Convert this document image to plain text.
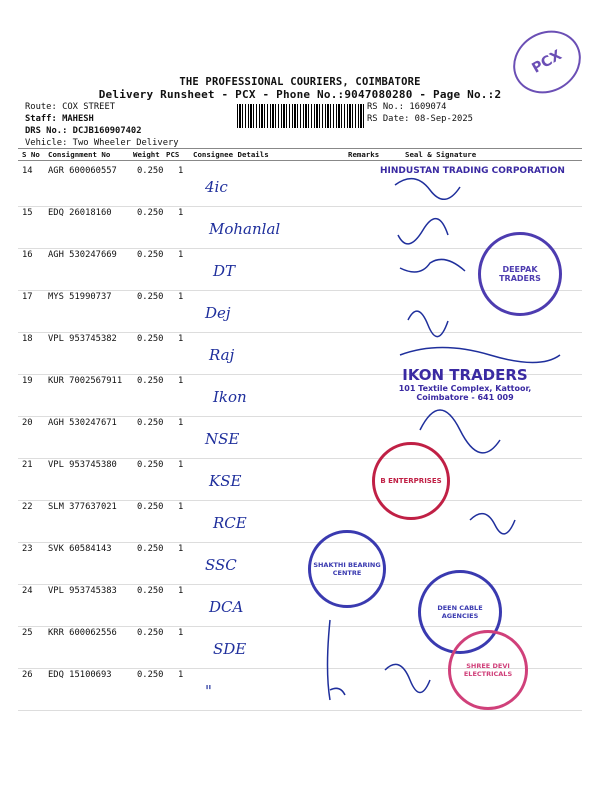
THE PROFESSIONAL COURIERS, COIMBATORE
Delivery Runsheet - PCX - Phone No.:9047080280 - Page No.:2
Route: COX STREET
Staff: MAHESH
DRS No.: DCJB160907402
Vehicle: Two Wheeler Delivery
RS No.: 1609074
RS Date: 08-Sep-2025
PCX
S No Consignment No	Weight PCS Consignee Details	Remarks	Seal & Signature
14 AGR 600060557 0.250 1
4ic
15 EDQ 26018160	0.250 1
Mohanlal
16 AGH 530247669 0.250 1
DT
17 MYS 51990737	0.250 1
Dej
18 VPL 953745382 0.250 1
Raj
19 KUR 7002567911 0.250 1
Ikon
20 AGH 530247671 0.250 1
NSE
21 VPL 953745380 0.250 1
KSE
22 SLM 377637021 0.250 1
RCE
23 SVK 60584143	0.250 1
SSC
24 VPL 953745383 0.250 1
DCA
25 KRR 600062556 0.250 1
SDE
26 EDQ 15100693	0.250 1
"
HINDUSTAN TRADING CORPORATION
DEEPAK TRADERS
IKON TRADERS
101 Textile Complex, Kattoor, Coimbatore - 641 009
B ENTERPRISES
SHAKTHI BEARING CENTRE
DEEN CABLE AGENCIES
SHREE DEVI ELECTRICALS
